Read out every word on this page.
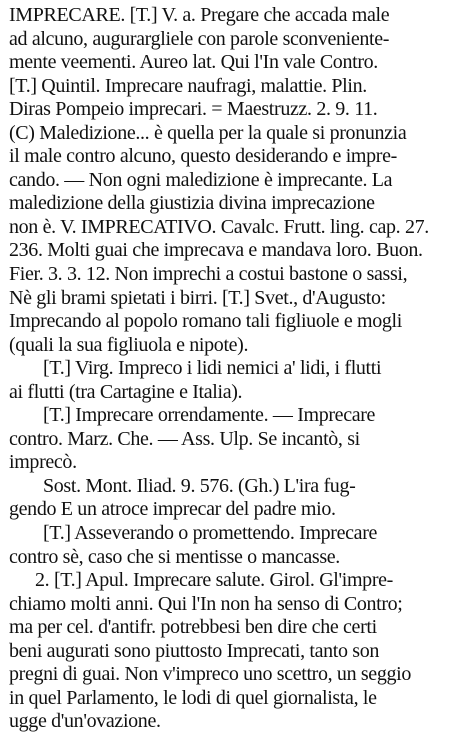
IMPRECARE. [T.] V. a. Pregare che accada male
ad alcuno, augurargliele con parole sconveniente-
mente veementi. Aureo lat. Qui l'In vale Contro.
[T.] Quintil. Imprecare naufragi, malattie. Plin.
Diras Pompeio imprecari. = Maestruzz. 2. 9. 11.
(C) Maledizione... è quella per la quale si pronunzia
il male contro alcuno, questo desiderando e impre-
cando. — Non ogni maledizione è imprecante. La
maledizione della giustizia divina imprecazione
non è. V. IMPRECATIVO. Cavalc. Frutt. ling. cap. 27.
236. Molti guai che imprecava e mandava loro. Buon.
Fier. 3. 3. 12. Non imprechi a costui bastone o sassi,
Nè gli brami spietati i birri. [T.] Svet., d'Augusto:
Imprecando al popolo romano tali figliuole e mogli
(quali la sua figliuola e nipote).
[T.] Virg. Impreco i lidi nemici a' lidi, i flutti
ai flutti (tra Cartagine e Italia).
[T.] Imprecare orrendamente. — Imprecare
contro. Marz. Che. — Ass. Ulp. Se incantò, si
imprecò.
Sost. Mont. Iliad. 9. 576. (Gh.) L'ira fug-
gendo E un atroce imprecar del padre mio.
[T.] Asseverando o promettendo. Imprecare
contro sè, caso che si mentisse o mancasse.
2. [T.] Apul. Imprecare salute. Girol. Gl'impre-
chiamo molti anni. Qui l'In non ha senso di Contro;
ma per cel. d'antifr. potrebbesi ben dire che certi
beni augurati sono piuttosto Imprecati, tanto son
pregni di guai. Non v'impreco uno scettro, un seggio
in quel Parlamento, le lodi di quel giornalista, le
ugge d'un'ovazione.
